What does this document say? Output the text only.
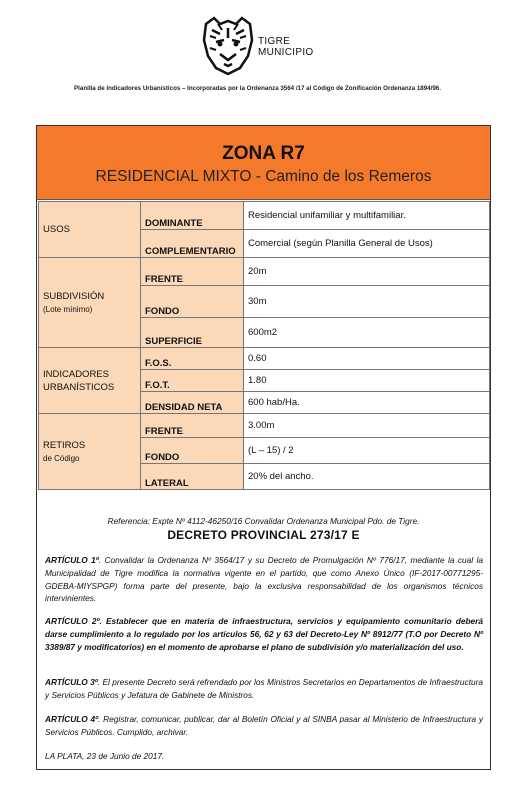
TIGRE
MUNICIPIO
Planilla de Indicadores Urbanísticos – Incorporadas por la Ordenanza 3564 /17 al Código de Zonificación Ordenanza 1894/96.
ZONA R7
RESIDENCIAL MIXTO - Camino de los Remeros
USOS	DOMINANTE	Residencial unifamiliar y multifamiliar.
	COMPLEMENTARIO	Comercial (según Planilla General de Usos)

SUBDIVISIÓN
(Lote mínimo)	FRENTE	20m
	FONDO	30m
	SUPERFICIE	600m2

INDICADORES
URBANÍSTICOS	F.O.S.	0.60
	F.O.T.	1.80
	DENSIDAD NETA	600 hab/Ha.

RETIROS
de Código	FRENTE	3.00m
	FONDO	(L – 15) / 2
	LATERAL	20% del ancho.
Referencia: Expte Nº 4112-46250/16 Convalidar Ordenanza Municipal Pdo. de Tigre.
DECRETO PROVINCIAL 273/17 E
ARTÍCULO 1º. Convalidar la Ordenanza Nº 3564/17 y su Decreto de Promulgación Nº 776/17, mediante la cual la Municipalidad de Tigre modifica la normativa vigente en el partido, que como Anexo Único (IF-2017-00771295-GDEBA-MIYSPGP) forma parte del presente, bajo la exclusiva responsabilidad de los organismos técnicos intervinientes.
ARTÍCULO 2º. Establecer que en materia de infraestructura, servicios y equipamiento comunitario deberá darse cumplimiento a lo regulado por los artículos 56, 62 y 63 del Decreto-Ley Nº 8912/77 (T.O por Decreto Nº 3389/87 y modificatorios) en el momento de aprobarse el plano de subdivisión y/o materialización del uso.
ARTÍCULO 3º. El presente Decreto será refrendado por los Ministros Secretarios en Departamentos de Infraestructura y Servicios Públicos y Jefatura de Gabinete de Ministros.
ARTÍCULO 4º. Registrar, comunicar, publicar, dar al Boletín Oficial y al SINBA pasar al Ministerio de Infraestructura y Servicios Públicos. Cumplido, archivar.
LA PLATA, 23 de Junio de 2017.
